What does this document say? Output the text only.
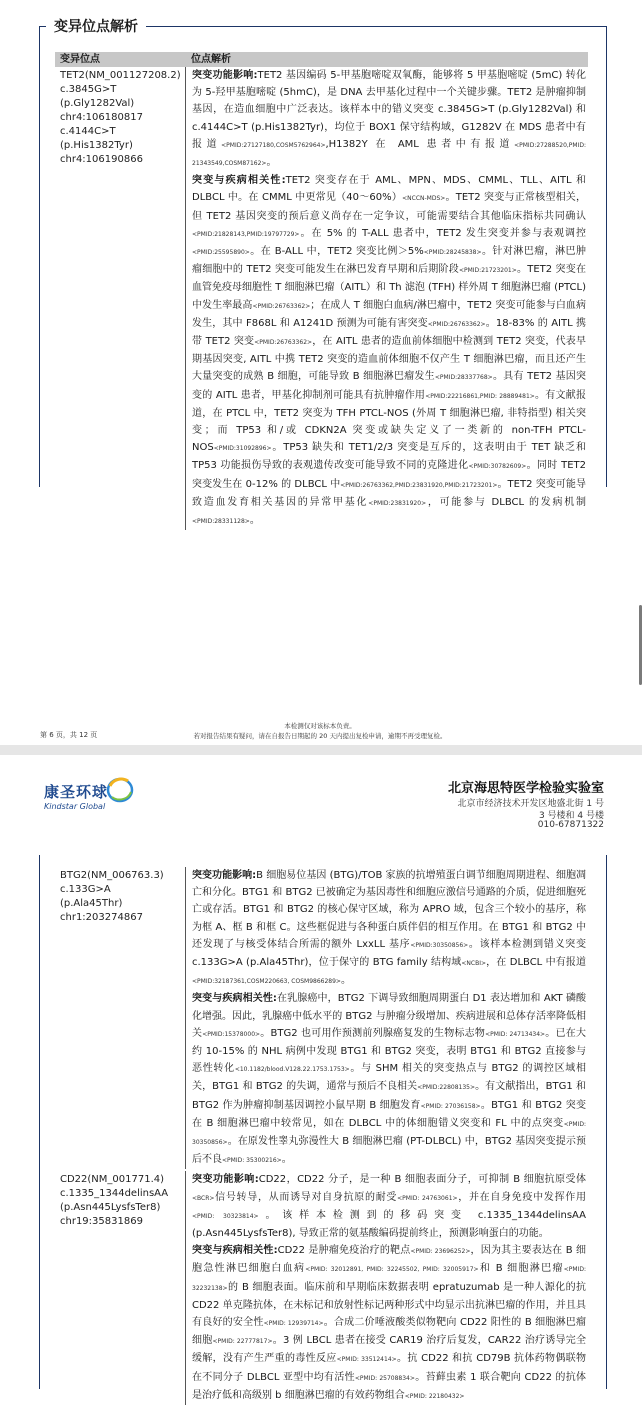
变异位点解析
变异位点	位点解析
TET2(NM_001127208.2)
c.3845G>T
(p.Gly1282Val)
chr4:106180817
c.4144C>T
(p.His1382Tyr)
chr4:106190866

突变功能影响:TET2 基因编码 5-甲基胞嘧啶双氧酶，能够将 5 甲基胞嘧啶 (5mC) 转化为 5-羟甲基胞嘧啶 (5hmC)，是 DNA 去甲基化过程中一个关键步骤。TET2 是肿瘤抑制基因，在造血细胞中广泛表达。该样本中的错义突变 c.3845G>T (p.Gly1282Val) 和 c.4144C>T (p.His1382Tyr)，均位于 BOX1 保守结构域，G1282V 在 MDS 患者中有报道<PMID:27127180,COSM5762964>,H1382Y 在 AML 患者中有报道<PMID:27288520,PMID: 21343549,COSM87162>。

突变与疾病相关性:TET2 突变存在于 AML、MPN、MDS、CMML、TLL、AITL 和 DLBCL 中。在 CMML 中更常见（40～60%）<NCCN-MDS>。TET2 突变与正常核型相关，但 TET2 基因突变的预后意义尚存在一定争议，可能需要结合其他临床指标共同确认<PMID:21828143,PMID:19797729>。在 5% 的 T-ALL 患者中，TET2 发生突变并参与表观调控<PMID:25595890>。在 B-ALL 中，TET2 突变比例＞5%<PMID:28245838>。针对淋巴瘤，淋巴肿瘤细胞中的 TET2 突变可能发生在淋巴发育早期和后期阶段<PMID:21723201>。TET2 突变在血管免疫母细胞性 T 细胞淋巴瘤（AITL）和 Th 滤泡 (TFH) 样外周 T 细胞淋巴瘤 (PTCL) 中发生率最高<PMID:26763362>；在成人 T 细胞白血病/淋巴瘤中，TET2 突变可能参与白血病发生，其中 F868L 和 A1241D 预测为可能有害突变<PMID:26763362>。18-83% 的 AITL 携带 TET2 突变<PMID:26763362>，在 AITL 患者的造血前体细胞中检测到 TET2 突变，代表早期基因突变, AITL 中携 TET2 突变的造血前体细胞不仅产生 T 细胞淋巴瘤，而且还产生大量突变的成熟 B 细胞，可能导致 B 细胞淋巴瘤发生<PMID:28337768>。具有 TET2 基因突变的 AITL 患者，甲基化抑制剂可能具有抗肿瘤作用<PMID:22216861,PMID: 28889481>。有文献报道，在 PTCL 中，TET2 突变为 TFH PTCL-NOS (外周 T 细胞淋巴瘤, 非特指型) 相关突变；而 TP53 和/或 CDKN2A 突变或缺失定义了一类新的 non-TFH PTCL-NOS<PMID:31092896>。TP53 缺失和 TET1/2/3 突变是互斥的，这表明由于 TET 缺乏和 TP53 功能损伤导致的表观遗传改变可能导致不同的克隆进化<PMID:30782609>。同时 TET2 突变发生在 0-12% 的 DLBCL 中<PMID:26763362,PMID:23831920,PMID:21723201>。TET2 突变可能导致造血发育相关基因的异常甲基化<PMID:23831920>，可能参与 DLBCL 的发病机制<PMID:28331128>。

本检测仅对该标本负责。
若对报告结果有疑问，请在自报告日期起的 20 天内提出复检申请，逾期不再受理复检。
第 6 页，共 12 页
康圣环球
Kindstar Global
北京海思特医学检验实验室
北京市经济技术开发区地盛北街 1 号
3 号楼和 4 号楼
010-67871322
BTG2(NM_006763.3)
c.133G>A
(p.Ala45Thr)
chr1:203274867

突变功能影响:B 细胞易位基因 (BTG)/TOB 家族的抗增殖蛋白调节细胞周期进程、细胞凋亡和分化。BTG1 和 BTG2 已被确定为基因毒性和细胞应激信号通路的介质，促进细胞死亡或存活。BTG1 和 BTG2 的核心保守区域，称为 APRO 域，包含三个较小的基序，称为框 A、框 B 和框 C。这些框促进与各种蛋白质伴侣的相互作用。在 BTG1 和 BTG2 中还发现了与核受体结合所需的额外 LxxLL 基序<PMID:30350856>。该样本检测到错义突变 c.133G>A (p.Ala45Thr)，位于保守的 BTG family 结构域<NCBI>，在 DLBCL 中有报道<PMID:32187361,COSM220663, COSM9866289>。

突变与疾病相关性:在乳腺癌中，BTG2 下调导致细胞周期蛋白 D1 表达增加和 AKT 磷酸化增强。因此，乳腺癌中低水平的 BTG2 与肿瘤分级增加、疾病进展和总体存活率降低相关<PMID:15378000>。BTG2 也可用作预测前列腺癌复发的生物标志物<PMID: 24713434>。已在大约 10-15% 的 NHL 病例中发现 BTG1 和 BTG2 突变，表明 BTG1 和 BTG2 直接参与恶性转化<10.1182/blood.V128.22.1753.1753>。与 SHM 相关的突变热点与 BTG2 的调控区域相关，BTG1 和 BTG2 的失调，通常与预后不良相关<PMID:22808135>。有文献指出，BTG1 和 BTG2 作为肿瘤抑制基因调控小鼠早期 B 细胞发育<PMID: 27036158>。BTG1 和 BTG2 突变在 B 细胞淋巴瘤中较常见，如在 DLBCL 中的体细胞错义突变和 FL 中的点突变<PMID: 30350856>。在原发性睾丸弥漫性大 B 细胞淋巴瘤 (PT-DLBCL) 中，BTG2 基因突变提示预后不良<PMID: 35300216>。

CD22(NM_001771.4)
c.1335_1344delinsAA
(p.Asn445LysfsTer8)
chr19:35831869

突变功能影响:CD22，CD22 分子，是一种 B 细胞表面分子，可抑制 B 细胞抗原受体<BCR>信号转导，从而诱导对自身抗原的耐受<PMID: 24763061>，并在自身免疫中发挥作用<PMID: 30323814>。该样本检测到的移码突变 c.1335_1344delinsAA (p.Asn445LysfsTer8), 导致正常的氨基酸编码提前终止，预测影响蛋白的功能。

突变与疾病相关性:CD22 是肿瘤免疫治疗的靶点<PMID: 23696252>，因为其主要表达在 B 细胞急性淋巴细胞白血病<PMID: 32012891, PMID: 32245502, PMID: 32005917>和 B 细胞淋巴瘤<PMID: 32232138>的 B 细胞表面。临床前和早期临床数据表明 epratuzumab 是一种人源化的抗 CD22 单克隆抗体，在未标记和放射性标记两种形式中均显示出抗淋巴瘤的作用，并且具有良好的安全性<PMID: 12939714>。合成二价唾液酸类似物靶向 CD22 阳性的 B 细胞淋巴瘤细胞<PMID: 22777817>。3 例 LBCL 患者在接受 CAR19 治疗后复发，CAR22 治疗诱导完全缓解，没有产生严重的毒性反应<PMID: 33512414>。抗 CD22 和抗 CD79B 抗体药物偶联物在不同分子 DLBCL 亚型中均有活性<PMID: 25708834>。苔藓虫素 1 联合靶向 CD22 的抗体是治疗低和高级别 b 细胞淋巴瘤的有效药物组合<PMID: 22180432>
